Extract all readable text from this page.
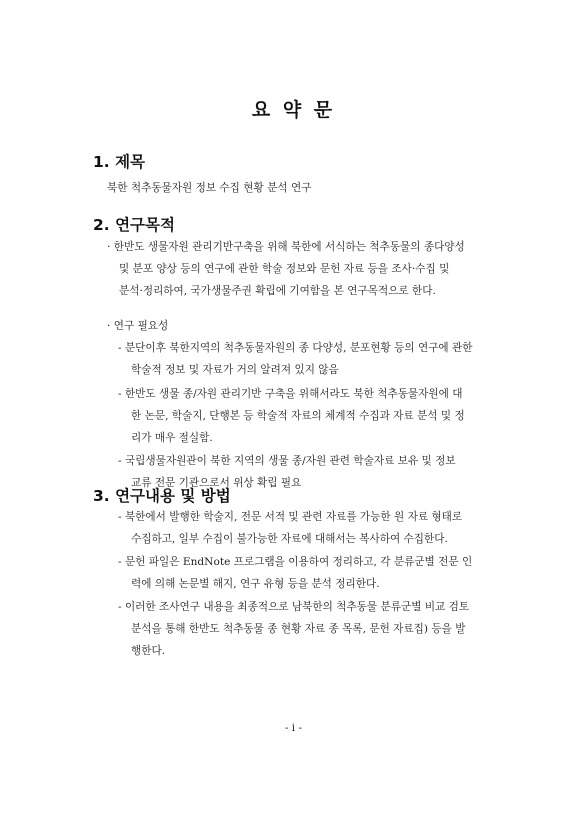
요 약 문
1. 제목
북한 척추동물자원 정보 수집 현황 분석 연구
2. 연구목적
· 한반도 생물자원 관리기반구축을 위해 북한에 서식하는 척추동물의 종다양성
및 분포 양상 등의 연구에 관한 학술 정보와 문헌 자료 등을 조사·수집 및
분석·정리하여, 국가생물주권 확립에 기여함을 본 연구목적으로 한다.
· 연구 필요성
- 분단이후 북한지역의 척추동물자원의 종 다양성, 분포현황 등의 연구에 관한
학술적 정보 및 자료가 거의 알려져 있지 않음
- 한반도 생물 종/자원 관리기반 구축을 위해서라도 북한 척추동물자원에 대
한 논문, 학술지, 단행본 등 학술적 자료의 체계적 수집과 자료 분석 및 정
리가 매우 절실함.
- 국립생물자원관이 북한 지역의 생물 종/자원 관련 학술자료 보유 및 정보
교류 전문 기관으로서 위상 확립 필요
3. 연구내용 및 방법
- 북한에서 발행한 학술지, 전문 서적 및 관련 자료를 가능한 원 자료 형태로
수집하고, 일부 수집이 불가능한 자료에 대해서는 복사하여 수집한다.
- 문헌 파일은 EndNote 프로그램을 이용하여 정리하고, 각 분류군별 전문 인
력에 의해 논문별 해지, 연구 유형 등을 분석 정리한다.
- 이러한 조사연구 내용을 최종적으로 남북한의 척추동물 분류군별 비교 검토
분석을 통해 한반도 척추동물 종 현황 자료 종 목록, 문헌 자료집) 등을 발
행한다.
- i -
